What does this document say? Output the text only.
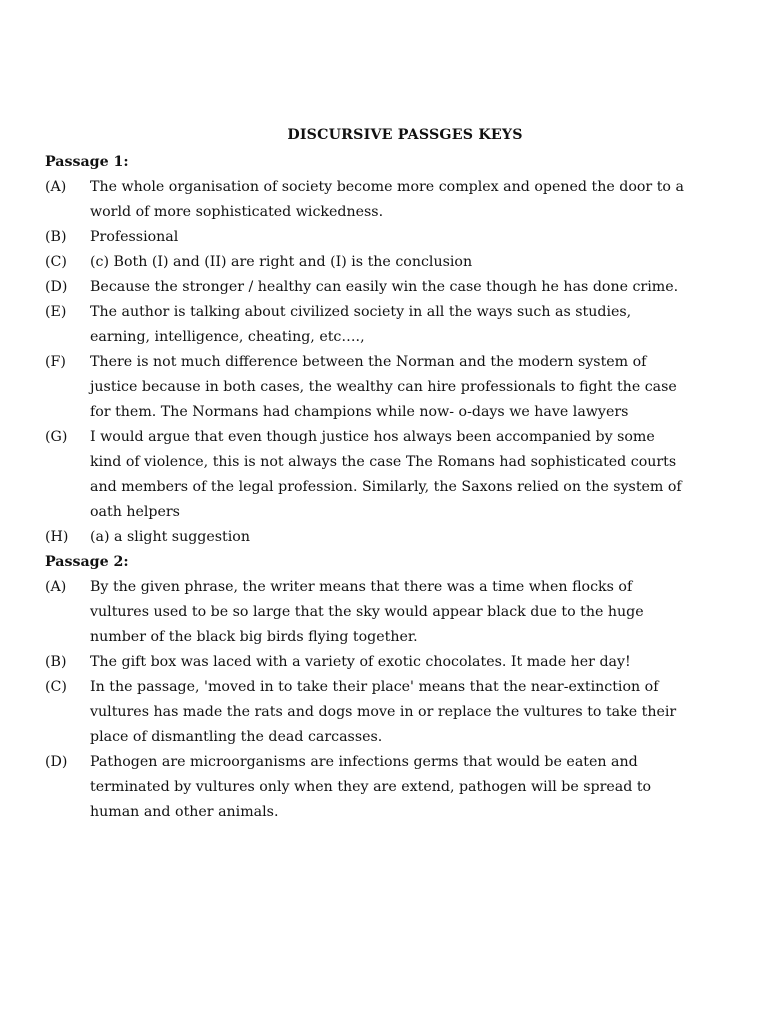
DISCURSIVE PASSGES KEYS

Passage 1:

(A)	The whole organisation of society become more complex and opened the door to a world of more sophisticated wickedness.
(B)	Professional
(C)	(c) Both (I) and (II) are right and (I) is the conclusion
(D)	Because the stronger / healthy can easily win the case though he has done crime.
(E)	The author is talking about civilized society in all the ways such as studies, earning, intelligence, cheating, etc….,
(F)	There is not much difference between the Norman and the modern system of justice because in both cases, the wealthy can hire professionals to fight the case for them. The Normans had champions while now- o-days we have lawyers
(G)	I would argue that even though justice hos always been accompanied by some kind of violence, this is not always the case The Romans had sophisticated courts and members of the legal profession. Similarly, the Saxons relied on the system of oath helpers
(H)	(a) a slight suggestion

Passage 2:

(A)	By the given phrase, the writer means that there was a time when flocks of vultures used to be so large that the sky would appear black due to the huge number of the black big birds flying together.
(B)	The gift box was laced with a variety of exotic chocolates. It made her day!
(C)	In the passage, 'moved in to take their place' means that the near-extinction of vultures has made the rats and dogs move in or replace the vultures to take their place of dismantling the dead carcasses.
(D)	Pathogen are microorganisms are infections germs that would be eaten and terminated by vultures only when they are extend, pathogen will be spread to human and other animals.
